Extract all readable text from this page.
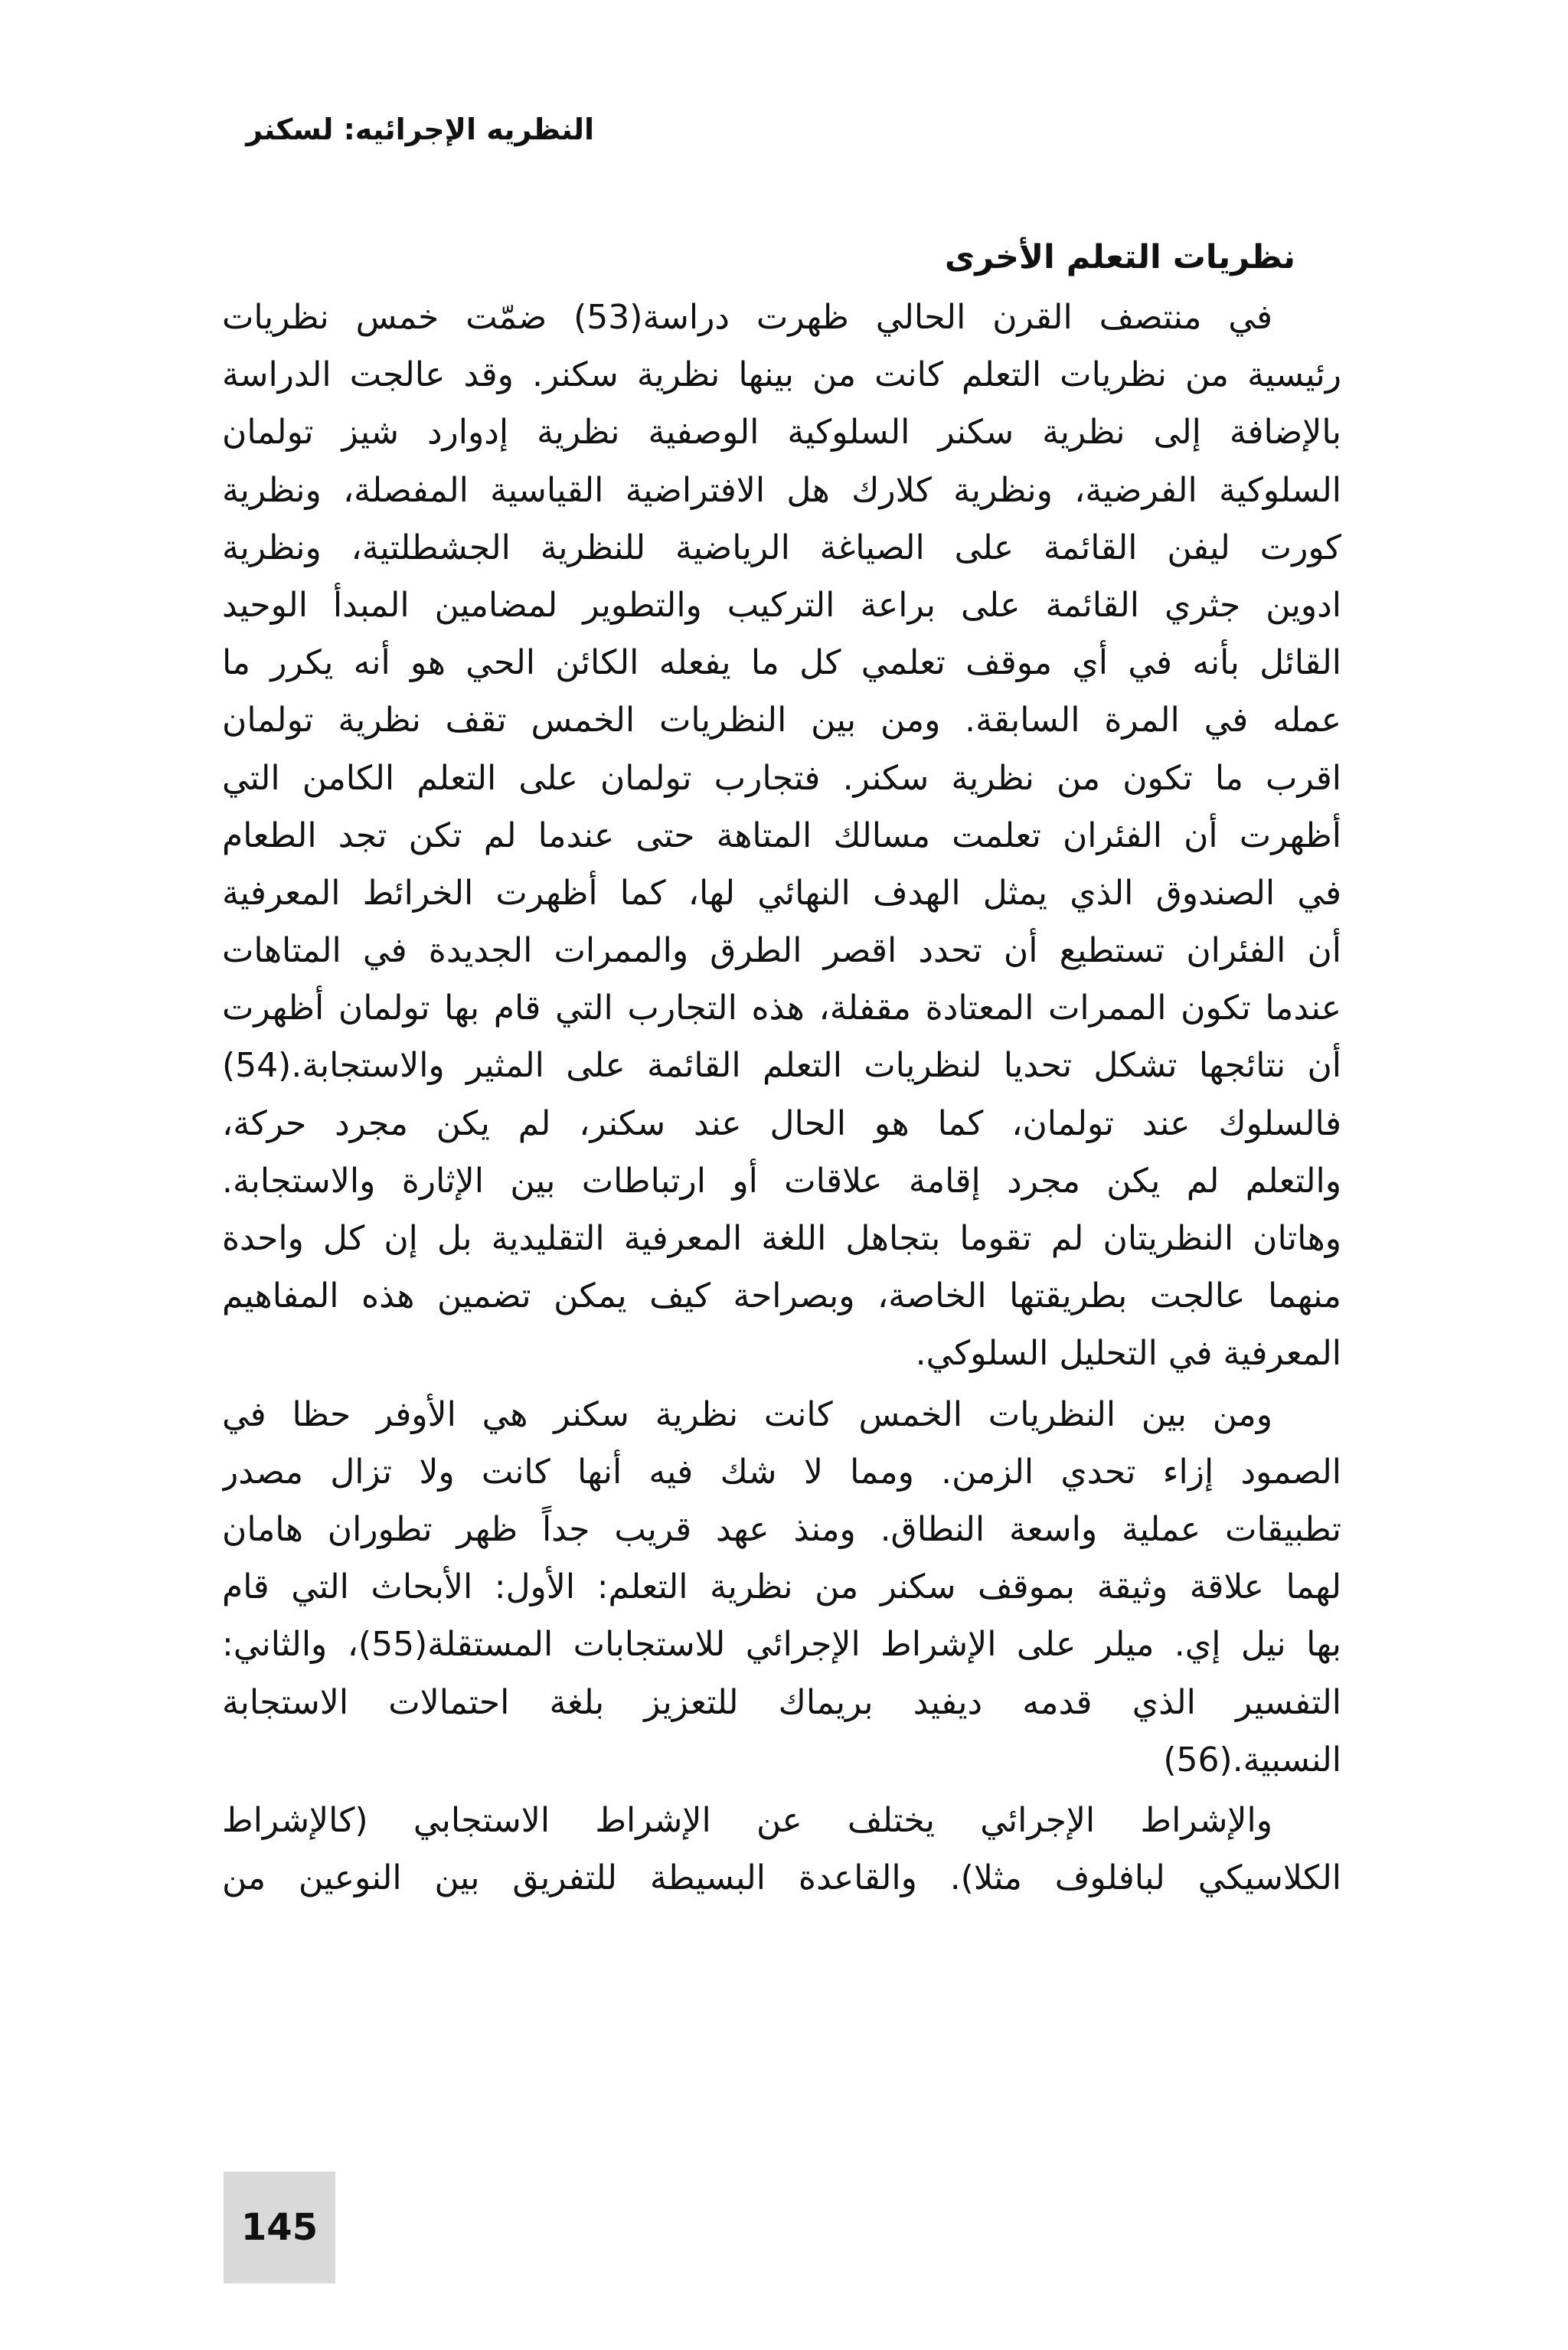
النظريه الإجرائيه: لسكنر
نظريات التعلم الأخرى
في منتصف القرن الحالي ظهرت دراسة(53) ضمّت خمس نظريات
رئيسية من نظريات التعلم كانت من بينها نظرية سكنر. وقد عالجت الدراسة
بالإضافة إلى نظرية سكنر السلوكية الوصفية نظرية إدوارد شيز تولمان
السلوكية الفرضية، ونظرية كلارك هل الافتراضية القياسية المفصلة، ونظرية
كورت ليفن القائمة على الصياغة الرياضية للنظرية الجشطلتية، ونظرية
ادوين جثري القائمة على براعة التركيب والتطوير لمضامين المبدأ الوحيد
القائل بأنه في أي موقف تعلمي كل ما يفعله الكائن الحي هو أنه يكرر ما
عمله في المرة السابقة. ومن بين النظريات الخمس تقف نظرية تولمان
اقرب ما تكون من نظرية سكنر. فتجارب تولمان على التعلم الكامن التي
أظهرت أن الفئران تعلمت مسالك المتاهة حتى عندما لم تكن تجد الطعام
في الصندوق الذي يمثل الهدف النهائي لها، كما أظهرت الخرائط المعرفية
أن الفئران تستطيع أن تحدد اقصر الطرق والممرات الجديدة في المتاهات
عندما تكون الممرات المعتادة مقفلة، هذه التجارب التي قام بها تولمان أظهرت
أن نتائجها تشكل تحديا لنظريات التعلم القائمة على المثير والاستجابة.(54)
فالسلوك عند تولمان، كما هو الحال عند سكنر، لم يكن مجرد حركة،
والتعلم لم يكن مجرد إقامة علاقات أو ارتباطات بين الإثارة والاستجابة.
وهاتان النظريتان لم تقوما بتجاهل اللغة المعرفية التقليدية بل إن كل واحدة
منهما عالجت بطريقتها الخاصة، وبصراحة كيف يمكن تضمين هذه المفاهيم
المعرفية في التحليل السلوكي.
ومن بين النظريات الخمس كانت نظرية سكنر هي الأوفر حظا في
الصمود إزاء تحدي الزمن. ومما لا شك فيه أنها كانت ولا تزال مصدر
تطبيقات عملية واسعة النطاق. ومنذ عهد قريب جداً ظهر تطوران هامان
لهما علاقة وثيقة بموقف سكنر من نظرية التعلم: الأول: الأبحاث التي قام
بها نيل إي. ميلر على الإشراط الإجرائي للاستجابات المستقلة(55)، والثاني:
التفسير الذي قدمه ديفيد بريماك للتعزيز بلغة احتمالات الاستجابة
النسبية.(56)
والإشراط الإجرائي يختلف عن الإشراط الاستجابي (كالإشراط
الكلاسيكي لبافلوف مثلا). والقاعدة البسيطة للتفريق بين النوعين من
145
